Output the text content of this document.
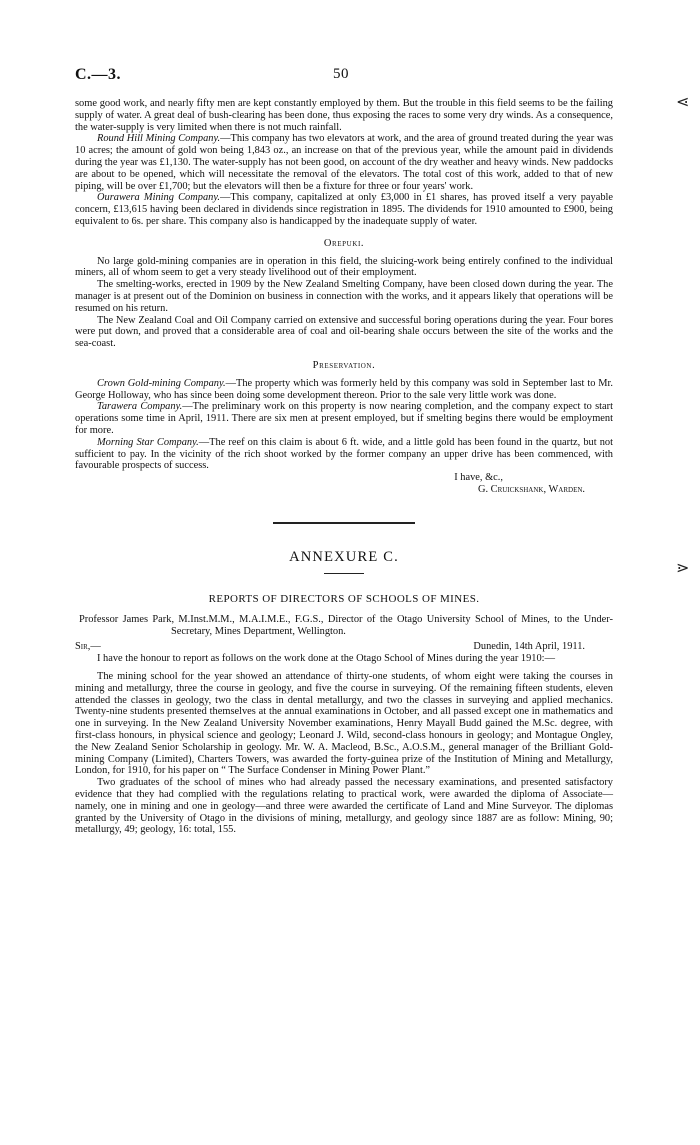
C.—3.	50
⋖
⋗

some good work, and nearly fifty men are kept constantly employed by them. But the trouble in this field seems to be the failing supply of water. A great deal of bush-clearing has been done, thus exposing the races to some very dry winds. As a consequence, the water-supply is very limited when there is not much rainfall.

Round Hill Mining Company.—This company has two elevators at work, and the area of ground treated during the year was 10 acres; the amount of gold won being 1,843 oz., an increase on that of the previous year, while the amount paid in dividends during the year was £1,130. The water-supply has not been good, on account of the dry weather and heavy winds. New paddocks are about to be opened, which will necessitate the removal of the elevators. The total cost of this work, added to that of new piping, will be over £1,700; but the elevators will then be a fixture for three or four years' work.

Ourawera Mining Company.—This company, capitalized at only £3,000 in £1 shares, has proved itself a very payable concern, £13,615 having been declared in dividends since registration in 1895. The dividends for 1910 amounted to £900, being equivalent to 6s. per share. This company also is handicapped by the inadequate supply of water.

Orepuki.

No large gold-mining companies are in operation in this field, the sluicing-work being entirely confined to the individual miners, all of whom seem to get a very steady livelihood out of their employment.

The smelting-works, erected in 1909 by the New Zealand Smelting Company, have been closed down during the year. The manager is at present out of the Dominion on business in connection with the works, and it appears likely that operations will be resumed on his return.

The New Zealand Coal and Oil Company carried on extensive and successful boring operations during the year. Four bores were put down, and proved that a considerable area of coal and oil-bearing shale occurs between the site of the works and the sea-coast.

Preservation.

Crown Gold-mining Company.—The property which was formerly held by this company was sold in September last to Mr. George Holloway, who has since been doing some development thereon. Prior to the sale very little work was done.

Tarawera Company.—The preliminary work on this property is now nearing completion, and the company expect to start operations some time in April, 1911. There are six men at present employed, but if smelting begins there would be employment for more.

Morning Star Company.—The reef on this claim is about 6 ft. wide, and a little gold has been found in the quartz, but not sufficient to pay. In the vicinity of the rich shoot worked by the former company an upper drive has been commenced, with favourable prospects of success.

I have, &c.,

G. Cruickshank, Warden.

ANNEXURE C.

REPORTS OF DIRECTORS OF SCHOOLS OF MINES.

Professor James Park, M.Inst.M.M., M.A.I.M.E., F.G.S., Director of the Otago University School of Mines, to the Under-Secretary, Mines Department, Wellington.

Sir,—	Dunedin, 14th April, 1911.

I have the honour to report as follows on the work done at the Otago School of Mines during the year 1910:—

The mining school for the year showed an attendance of thirty-one students, of whom eight were taking the courses in mining and metallurgy, three the course in geology, and five the course in surveying. Of the remaining fifteen students, eleven attended the classes in geology, two the class in dental metallurgy, and two the classes in surveying and applied mechanics. Twenty-nine students presented themselves at the annual examinations in October, and all passed except one in mathematics and one in surveying. In the New Zealand University November examinations, Henry Mayall Budd gained the M.Sc. degree, with first-class honours, in physical science and geology; Leonard J. Wild, second-class honours in geology; and Montague Ongley, the New Zealand Senior Scholarship in geology. Mr. W. A. Macleod, B.Sc., A.O.S.M., general manager of the Brilliant Gold-mining Company (Limited), Charters Towers, was awarded the forty-guinea prize of the Institution of Mining and Metallurgy, London, for 1910, for his paper on “ The Surface Condenser in Mining Power Plant.”

Two graduates of the school of mines who had already passed the necessary examinations, and presented satisfactory evidence that they had complied with the regulations relating to practical work, were awarded the diploma of Associate—namely, one in mining and one in geology—and three were awarded the certificate of Land and Mine Surveyor. The diplomas granted by the University of Otago in the divisions of mining, metallurgy, and geology since 1887 are as follow: Mining, 90; metallurgy, 49; geology, 16: total, 155.
